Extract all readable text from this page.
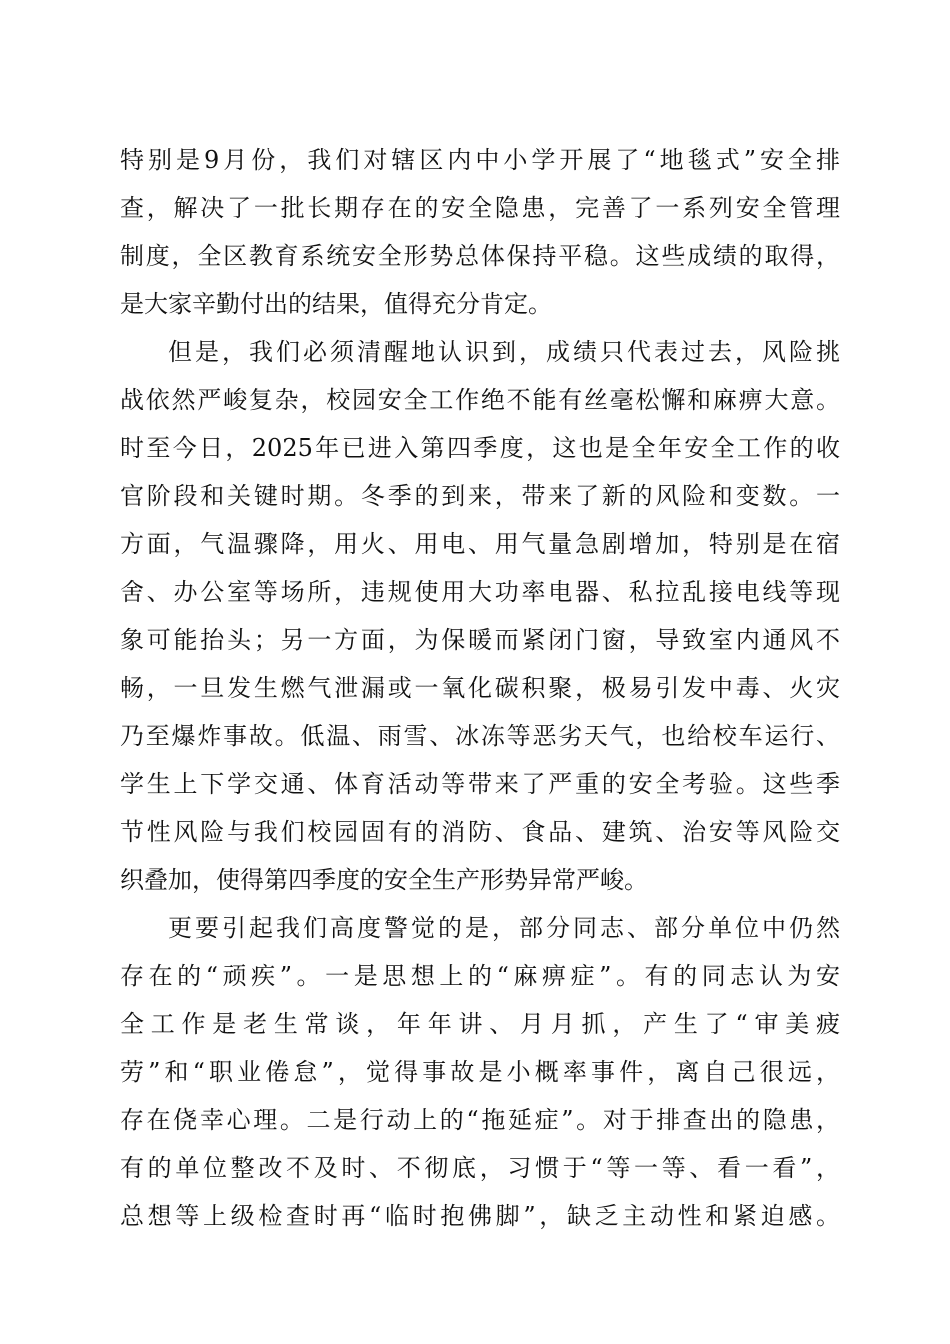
特别是9月份，我们对辖区内中小学开展了“地毯式”安全排
查，解决了一批长期存在的安全隐患，完善了一系列安全管理
制度，全区教育系统安全形势总体保持平稳。这些成绩的取得，
是大家辛勤付出的结果，值得充分肯定。
但是，我们必须清醒地认识到，成绩只代表过去，风险挑
战依然严峻复杂，校园安全工作绝不能有丝毫松懈和麻痹大意。
时至今日，2025年已进入第四季度，这也是全年安全工作的收
官阶段和关键时期。冬季的到来，带来了新的风险和变数。一
方面，气温骤降，用火、用电、用气量急剧增加，特别是在宿
舍、办公室等场所，违规使用大功率电器、私拉乱接电线等现
象可能抬头；另一方面，为保暖而紧闭门窗，导致室内通风不
畅，一旦发生燃气泄漏或一氧化碳积聚，极易引发中毒、火灾
乃至爆炸事故。低温、雨雪、冰冻等恶劣天气，也给校车运行、
学生上下学交通、体育活动等带来了严重的安全考验。这些季
节性风险与我们校园固有的消防、食品、建筑、治安等风险交
织叠加，使得第四季度的安全生产形势异常严峻。
更要引起我们高度警觉的是，部分同志、部分单位中仍然
存在的“顽疾”。一是思想上的“麻痹症”。有的同志认为安
全工作是老生常谈，年年讲、月月抓，产生了“审美疲
劳”和“职业倦怠”，觉得事故是小概率事件，离自己很远，
存在侥幸心理。二是行动上的“拖延症”。对于排查出的隐患，
有的单位整改不及时、不彻底，习惯于“等一等、看一看”，
总想等上级检查时再“临时抱佛脚”，缺乏主动性和紧迫感。
